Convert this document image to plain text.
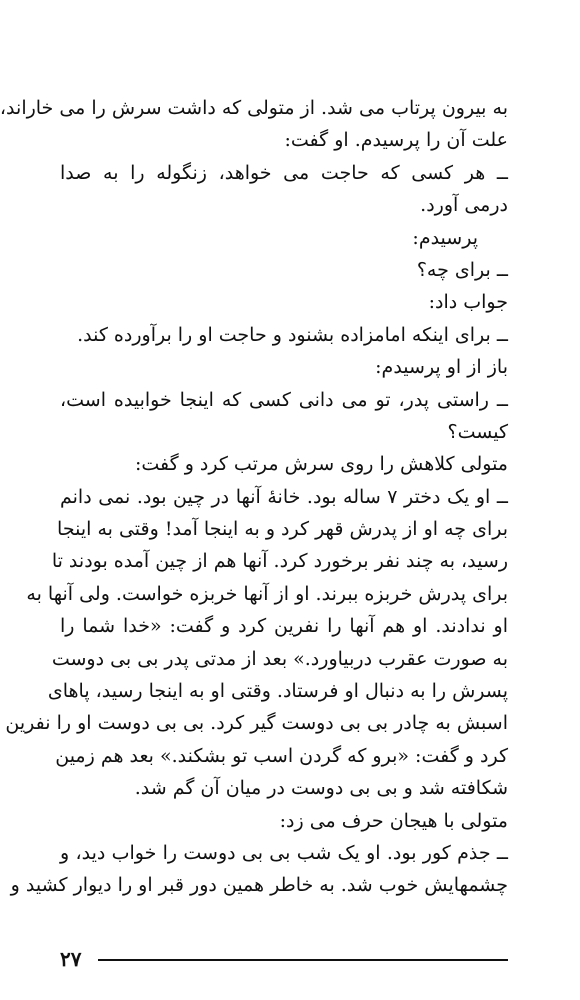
به بیرون پرتاب می شد. از متولی که داشت سرش را می خاراند،
علت آن را پرسیدم. او گفت:
ــ هر کسی که حاجت می خواهد، زنگوله را به صدا
درمی آورد.
پرسیدم:
ــ برای چه؟
جواب داد:
ــ برای اینکه امامزاده بشنود و حاجت او را برآورده کند.
باز از او پرسیدم:
ــ راستی پدر، تو می دانی کسی که اینجا خوابیده است،
کیست؟
متولی کلاهش را روی سرش مرتب کرد و گفت:
ــ او یک دختر ۷ ساله بود. خانهٔ آنها در چین بود. نمی دانم
برای چه او از پدرش قهر کرد و به اینجا آمد! وقتی به اینجا
رسید، به چند نفر برخورد کرد. آنها هم از چین آمده بودند تا
برای پدرش خربزه ببرند. او از آنها خربزه خواست. ولی آنها به
او ندادند. او هم آنها را نفرین کرد و گفت: «خدا شما را
به صورت عقرب دربیاورد.» بعد از مدتی پدر بی بی دوست
پسرش را به دنبال او فرستاد. وقتی او به اینجا رسید، پاهای
اسبش به چادر بی بی دوست گیر کرد. بی بی دوست او را نفرین
کرد و گفت: «برو که گردن اسب تو بشکند.» بعد هم زمین
شکافته شد و بی بی دوست در میان آن گم شد.
متولی با هیجان حرف می زد:
ــ جذم کور بود. او یک شب بی بی دوست را خواب دید، و
چشمهایش خوب شد. به خاطر همین دور قبر او را دیوار کشید و
۲۷
